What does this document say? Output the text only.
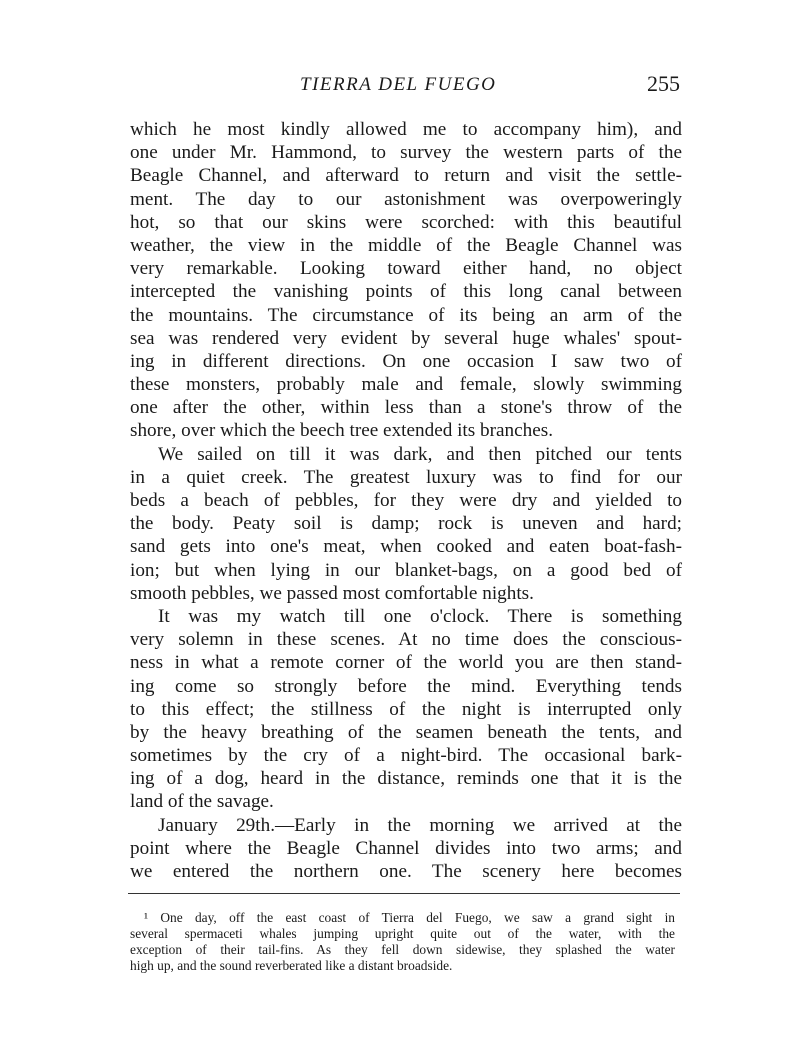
TIERRA DEL FUEGO	255
which he most kindly allowed me to accompany him), and
one under Mr. Hammond, to survey the western parts of the
Beagle Channel, and afterward to return and visit the settle-
ment. The day to our astonishment was overpoweringly
hot, so that our skins were scorched: with this beautiful
weather, the view in the middle of the Beagle Channel was
very remarkable. Looking toward either hand, no object
intercepted the vanishing points of this long canal between
the mountains. The circumstance of its being an arm of the
sea was rendered very evident by several huge whales' spout-
ing in different directions. On one occasion I saw two of
these monsters, probably male and female, slowly swimming
one after the other, within less than a stone's throw of the
shore, over which the beech tree extended its branches.
We sailed on till it was dark, and then pitched our tents
in a quiet creek. The greatest luxury was to find for our
beds a beach of pebbles, for they were dry and yielded to
the body. Peaty soil is damp; rock is uneven and hard;
sand gets into one's meat, when cooked and eaten boat-fash-
ion; but when lying in our blanket-bags, on a good bed of
smooth pebbles, we passed most comfortable nights.
It was my watch till one o'clock. There is something
very solemn in these scenes. At no time does the conscious-
ness in what a remote corner of the world you are then stand-
ing come so strongly before the mind. Everything tends
to this effect; the stillness of the night is interrupted only
by the heavy breathing of the seamen beneath the tents, and
sometimes by the cry of a night-bird. The occasional bark-
ing of a dog, heard in the distance, reminds one that it is the
land of the savage.
January 29th.—Early in the morning we arrived at the
point where the Beagle Channel divides into two arms; and
we entered the northern one. The scenery here becomes
¹ One day, off the east coast of Tierra del Fuego, we saw a grand sight in
several spermaceti whales jumping upright quite out of the water, with the
exception of their tail-fins. As they fell down sidewise, they splashed the water
high up, and the sound reverberated like a distant broadside.
